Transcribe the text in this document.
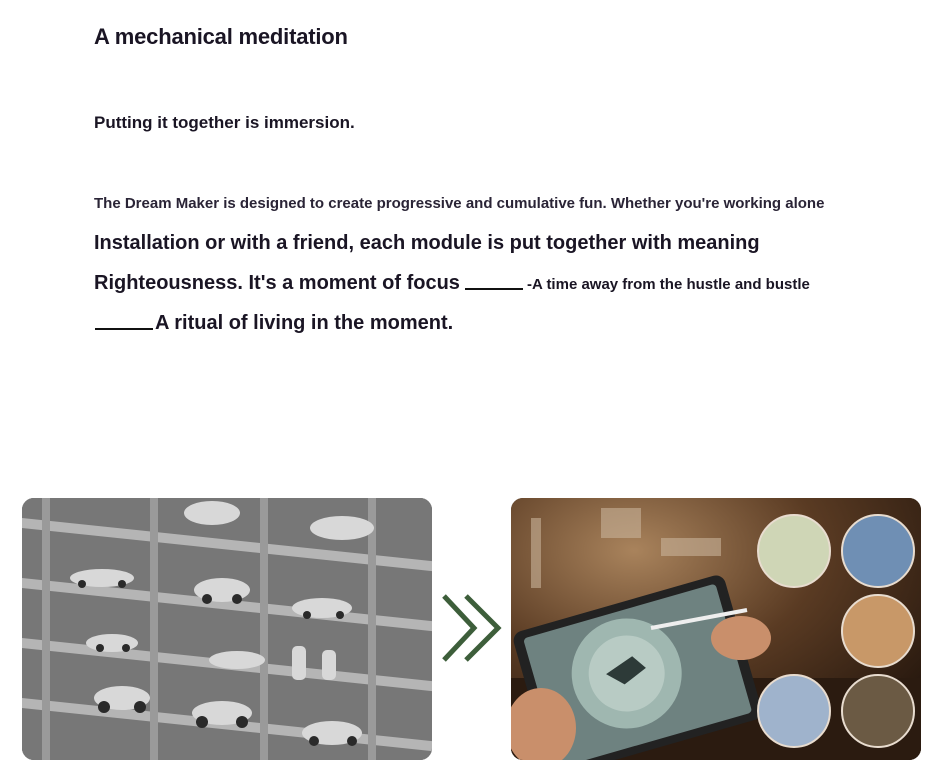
A mechanical meditation
Putting it together is immersion.
The Dream Maker is designed to create progressive and cumulative fun. Whether you're working alone
Installation or with a friend, each module is put together with meaning
Righteousness. It's a moment of focus	-A time away from the hustle and bustle
A ritual of living in the moment.
